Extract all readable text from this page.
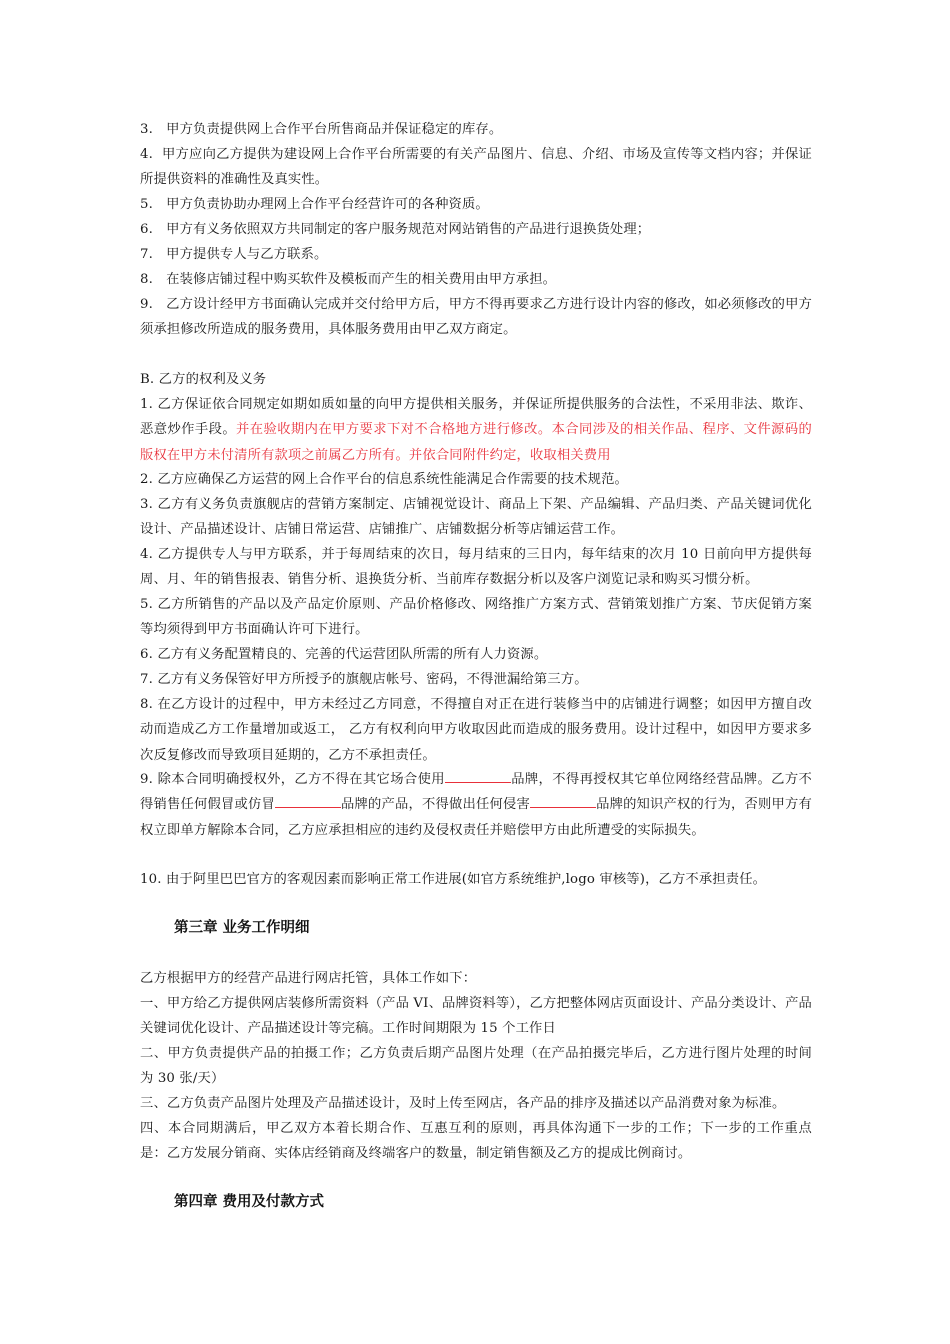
3. 甲方负责提供网上合作平台所售商品并保证稳定的库存。
4. 甲方应向乙方提供为建设网上合作平台所需要的有关产品图片、信息、介绍、市场及宣传等文档内容；并保证所提供资料的准确性及真实性。
5. 甲方负责协助办理网上合作平台经营许可的各种资质。
6. 甲方有义务依照双方共同制定的客户服务规范对网站销售的产品进行退换货处理；
7. 甲方提供专人与乙方联系。
8. 在装修店铺过程中购买软件及模板而产生的相关费用由甲方承担。
9. 乙方设计经甲方书面确认完成并交付给甲方后，甲方不得再要求乙方进行设计内容的修改，如必须修改的甲方须承担修改所造成的服务费用，具体服务费用由甲乙双方商定。
B. 乙方的权利及义务
1. 乙方保证依合同规定如期如质如量的向甲方提供相关服务，并保证所提供服务的合法性，不采用非法、欺诈、恶意炒作手段。并在验收期内在甲方要求下对不合格地方进行修改。本合同涉及的相关作品、程序、文件源码的版权在甲方未付清所有款项之前属乙方所有。并依合同附件约定，收取相关费用
2. 乙方应确保乙方运营的网上合作平台的信息系统性能满足合作需要的技术规范。
3. 乙方有义务负责旗舰店的营销方案制定、店铺视觉设计、商品上下架、产品编辑、产品归类、产品关键词优化设计、产品描述设计、店铺日常运营、店铺推广、店铺数据分析等店铺运营工作。
4. 乙方提供专人与甲方联系，并于每周结束的次日，每月结束的三日内，每年结束的次月 10 日前向甲方提供每周、月、年的销售报表、销售分析、退换货分析、当前库存数据分析以及客户浏览记录和购买习惯分析。
5. 乙方所销售的产品以及产品定价原则、产品价格修改、网络推广方案方式、营销策划推广方案、节庆促销方案等均须得到甲方书面确认许可下进行。
6. 乙方有义务配置精良的、完善的代运营团队所需的所有人力资源。
7. 乙方有义务保管好甲方所授予的旗舰店帐号、密码，不得泄漏给第三方。
8. 在乙方设计的过程中，甲方未经过乙方同意，不得擅自对正在进行装修当中的店铺进行调整；如因甲方擅自改动而造成乙方工作量增加或返工， 乙方有权利向甲方收取因此而造成的服务费用。设计过程中，如因甲方要求多次反复修改而导致项目延期的，乙方不承担责任。
9. 除本合同明确授权外，乙方不得在其它场合使用	品牌，不得再授权其它单位网络经营品牌。乙方不得销售任何假冒或仿冒	品牌的产品，不得做出任何侵害	品牌的知识产权的行为，否则甲方有权立即单方解除本合同，乙方应承担相应的违约及侵权责任并赔偿甲方由此所遭受的实际损失。
10. 由于阿里巴巴官方的客观因素而影响正常工作进展(如官方系统维护,logo 审核等)，乙方不承担责任。
第三章 业务工作明细
乙方根据甲方的经营产品进行网店托管，具体工作如下：
一、甲方给乙方提供网店装修所需资料（产品 VI、品牌资料等），乙方把整体网店页面设计、产品分类设计、产品关键词优化设计、产品描述设计等完稿。工作时间期限为 15 个工作日
二、甲方负责提供产品的拍摄工作；乙方负责后期产品图片处理（在产品拍摄完毕后，乙方进行图片处理的时间为 30 张/天）
三、乙方负责产品图片处理及产品描述设计，及时上传至网店，各产品的排序及描述以产品消费对象为标准。
四、本合同期满后，甲乙双方本着长期合作、互惠互利的原则，再具体沟通下一步的工作；下一步的工作重点是：乙方发展分销商、实体店经销商及终端客户的数量，制定销售额及乙方的提成比例商讨。
第四章 费用及付款方式
